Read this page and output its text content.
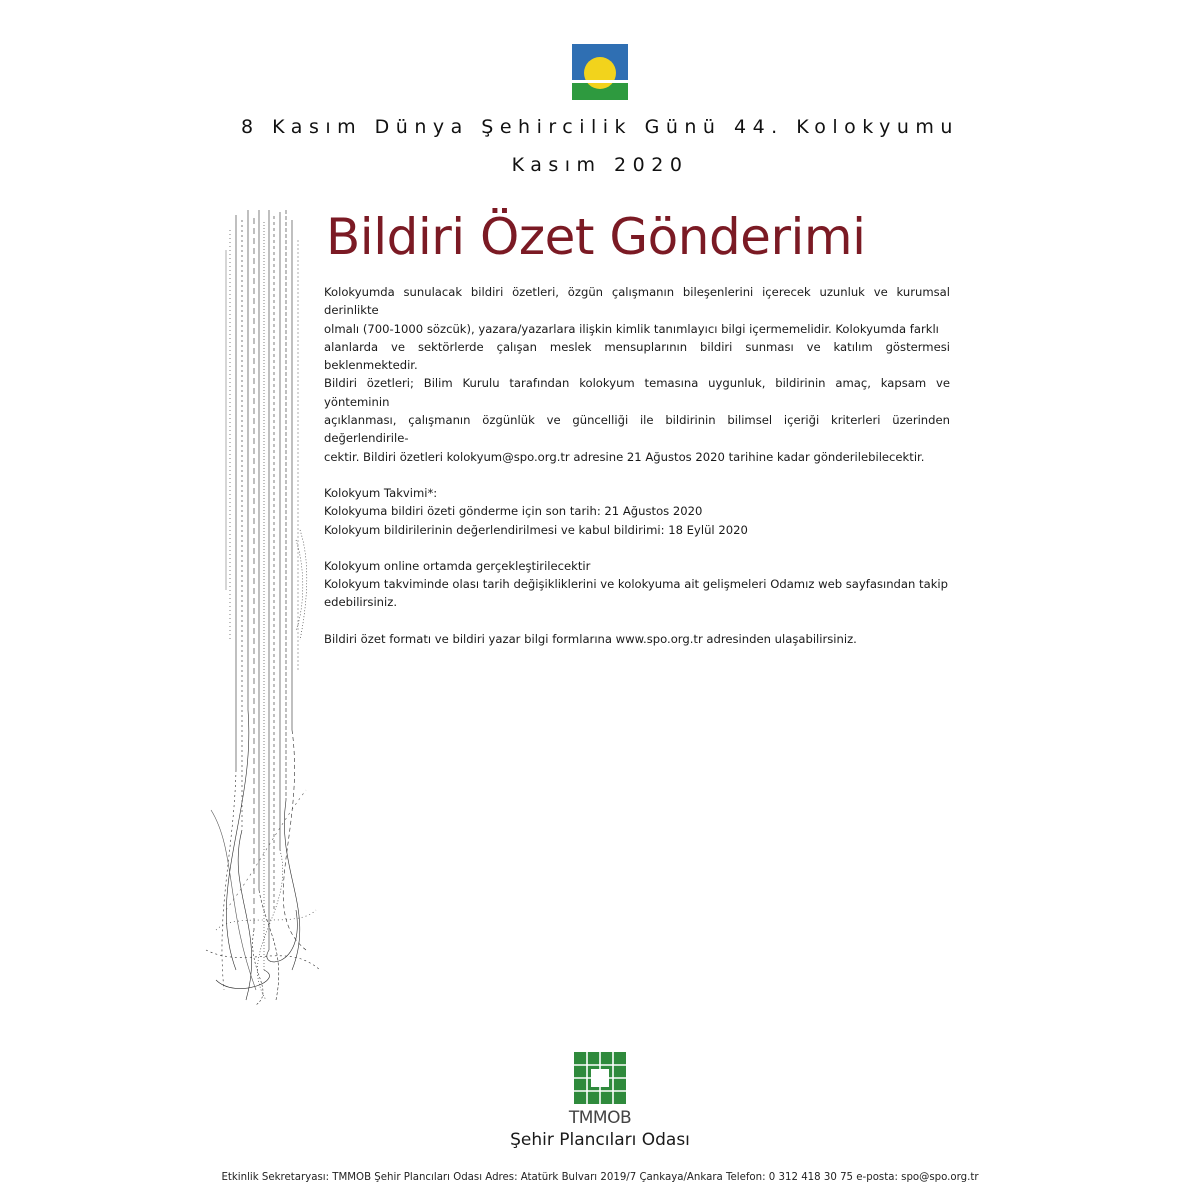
8 Kasım Dünya Şehircilik Günü 44. Kolokyumu
Kasım 2020
Bildiri Özet Gönderimi

Kolokyumda sunulacak bildiri özetleri, özgün çalışmanın bileşenlerini içerecek uzunluk ve kurumsal derinlikte

olmalı (700-1000 sözcük), yazara/yazarlara ilişkin kimlik tanımlayıcı bilgi içermemelidir. Kolokyumda farklı

alanlarda ve sektörlerde çalışan meslek mensuplarının bildiri sunması ve katılım göstermesi beklenmektedir.

Bildiri özetleri; Bilim Kurulu tarafından kolokyum temasına uygunluk, bildirinin amaç, kapsam ve yönteminin

açıklanması, çalışmanın özgünlük ve güncelliği ile bildirinin bilimsel içeriği kriterleri üzerinden değerlendirile-

cektir. Bildiri özetleri kolokyum@spo.org.tr adresine 21 Ağustos 2020 tarihine kadar gönderilebilecektir.

Kolokyum Takvimi*:

Kolokyuma bildiri özeti gönderme için son tarih: 21 Ağustos 2020

Kolokyum bildirilerinin değerlendirilmesi ve kabul bildirimi: 18 Eylül 2020

Kolokyum online ortamda gerçekleştirilecektir

Kolokyum takviminde olası tarih değişikliklerini ve kolokyuma ait gelişmeleri Odamız web sayfasından takip

edebilirsiniz.

Bildiri özet formatı ve bildiri yazar bilgi formlarına www.spo.org.tr adresinden ulaşabilirsiniz.

TMMOB
Şehir Plancıları Odası
Etkinlik Sekretaryası: TMMOB Şehir Plancıları Odası Adres: Atatürk Bulvarı 2019/7 Çankaya/Ankara Telefon: 0 312 418 30 75 e-posta: spo@spo.org.tr
